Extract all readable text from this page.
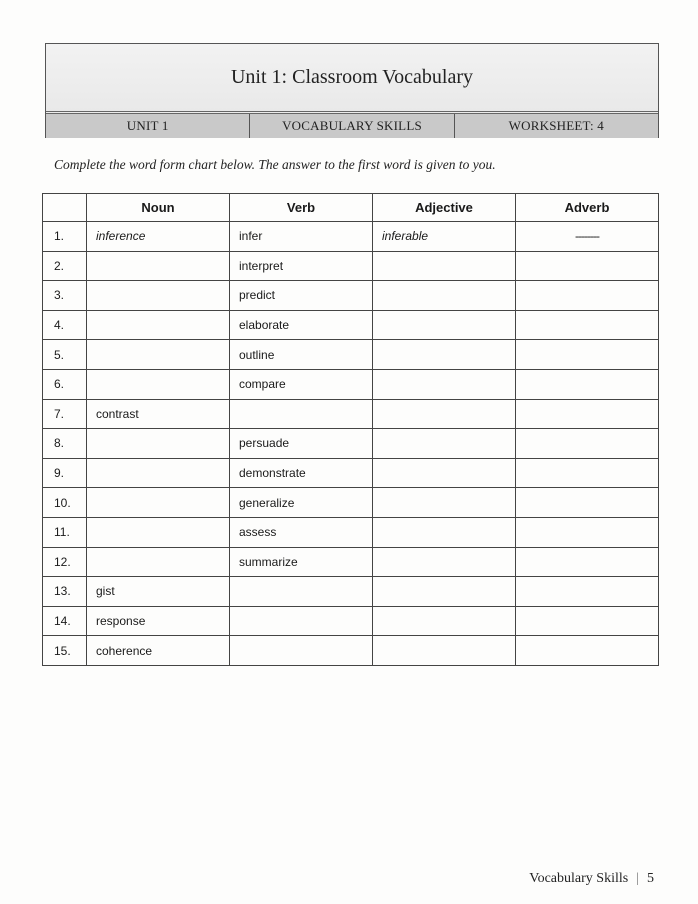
Unit 1: Classroom Vocabulary
UNIT 1	VOCABULARY SKILLS	WORKSHEET: 4
Complete the word form chart below. The answer to the first word is given to you.
	Noun	Verb	Adjective	Adverb
1.	inference	infer	inferable	--------
2.		interpret		
3.		predict		
4.		elaborate		
5.		outline		
6.		compare		
7.	contrast			
8.		persuade		
9.		demonstrate		
10.		generalize		
11.		assess		
12.		summarize		
13.	gist			
14.	response			
15.	coherence			
Vocabulary Skills | 5
